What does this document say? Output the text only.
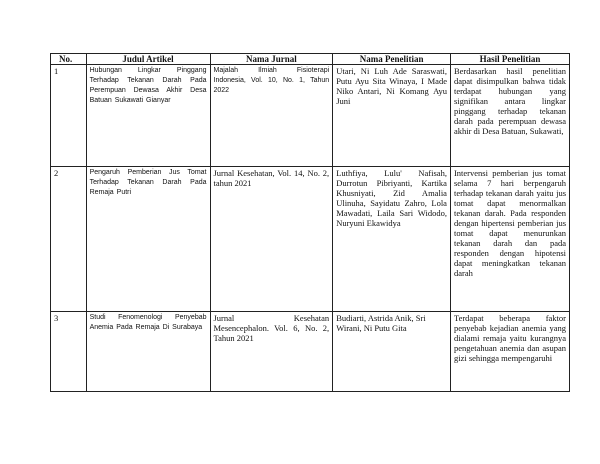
No.	Judul Artikel	Nama Jurnal	Nama Penelitian	Hasil Penelitian
1	Hubungan Lingkar Pinggang Terhadap Tekanan Darah Pada Perempuan Dewasa Akhir Desa Batuan Sukawati Gianyar	Majalah Ilmiah Fisioterapi Indonesia, Vol. 10, No. 1, Tahun 2022	Utari, Ni Luh Ade Saraswati, Putu Ayu Sita Winaya, I Made Niko Antari, Ni Komang Ayu Juni	Berdasarkan hasil penelitian dapat disimpulkan bahwa tidak terdapat hubungan yang signifikan antara lingkar pinggang terhadap tekanan darah pada perempuan dewasa akhir di Desa Batuan, Sukawati,
2	Pengaruh Pemberian Jus Tomat Terhadap Tekanan Darah Pada Remaja Putri	Jurnal Kesehatan, Vol. 14, No. 2, tahun 2021	Luthfiya, Lulu' Nafisah, Durrotun Pibriyanti, Kartika Khusniyati, Zid Amalia Ulinuha, Sayidatu Zahro, Lola Mawadati, Laila Sari Widodo, Nuryuni Ekawidya	Intervensi pemberian jus tomat selama 7 hari berpengaruh terhadap tekanan darah yaitu jus tomat dapat menormalkan tekanan darah. Pada responden dengan hipertensi pemberian jus tomat dapat menurunkan tekanan darah dan pada responden dengan hipotensi dapat meningkatkan tekanan darah
3	Studi Fenomenologi Penyebab Anemia Pada Remaja Di Surabaya	Jurnal Kesehatan Mesencephalon. Vol. 6, No. 2, Tahun 2021	Budiarti, Astrida Anik, Sri Wirani, Ni Putu Gita	Terdapat beberapa faktor penyebab kejadian anemia yang dialami remaja yaitu kurangnya pengetahuan anemia dan asupan gizi sehingga mempengaruhi
